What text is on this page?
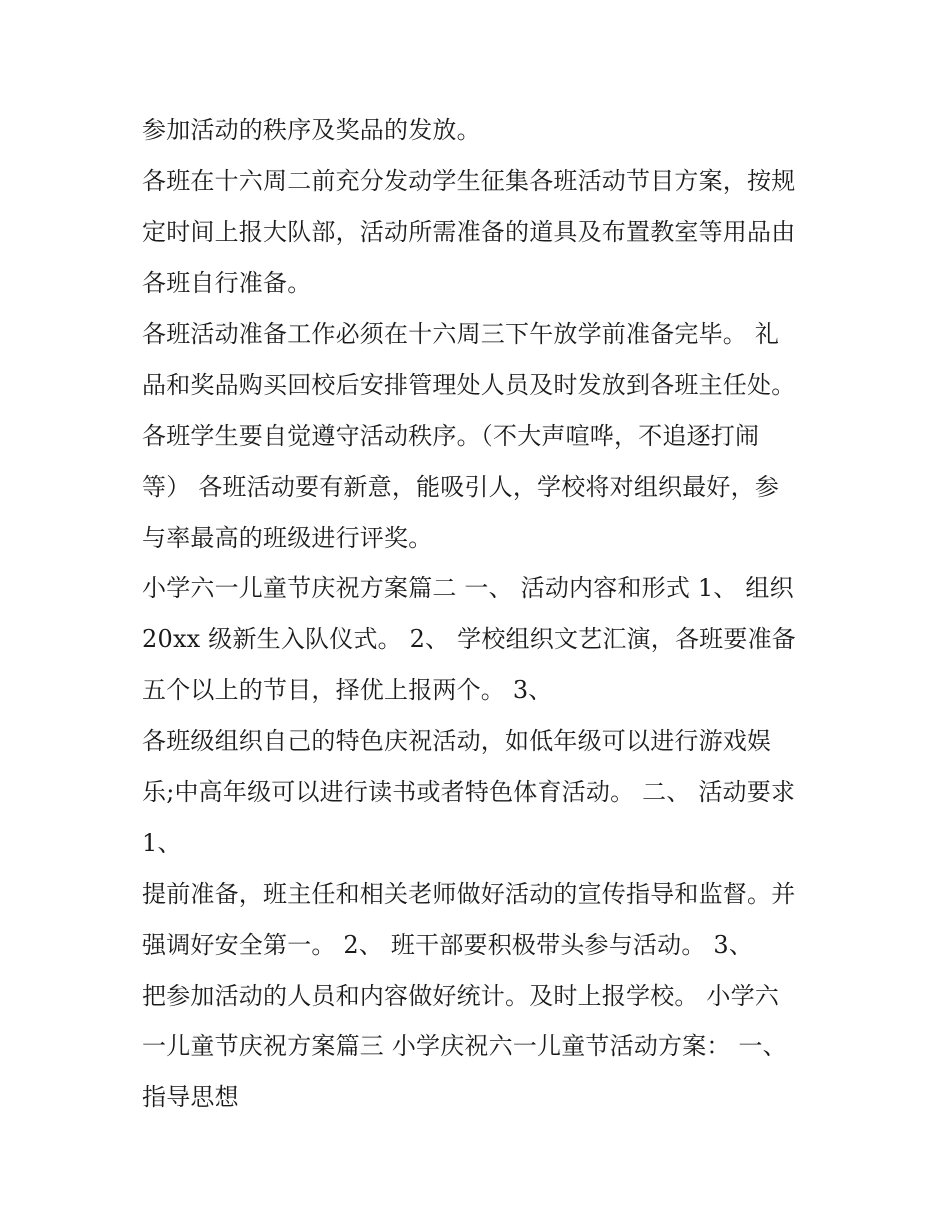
参加活动的秩序及奖品的发放。
各班在十六周二前充分发动学生征集各班活动节目方案，按规
定时间上报大队部，活动所需准备的道具及布置教室等用品由
各班自行准备。
各班活动准备工作必须在十六周三下午放学前准备完毕。 礼
品和奖品购买回校后安排管理处人员及时发放到各班主任处。
各班学生要自觉遵守活动秩序。（不大声喧哗，不追逐打闹
等） 各班活动要有新意，能吸引人，学校将对组织最好，参
与率最高的班级进行评奖。
小学六一儿童节庆祝方案篇二 一、 活动内容和形式 1、 组织
20xx 级新生入队仪式。 2、 学校组织文艺汇演，各班要准备
五个以上的节目，择优上报两个。 3、
各班级组织自己的特色庆祝活动，如低年级可以进行游戏娱
乐;中高年级可以进行读书或者特色体育活动。 二、 活动要求
1、
提前准备，班主任和相关老师做好活动的宣传指导和监督。并
强调好安全第一。 2、 班干部要积极带头参与活动。 3、
把参加活动的人员和内容做好统计。及时上报学校。 小学六
一儿童节庆祝方案篇三 小学庆祝六一儿童节活动方案： 一、
指导思想
